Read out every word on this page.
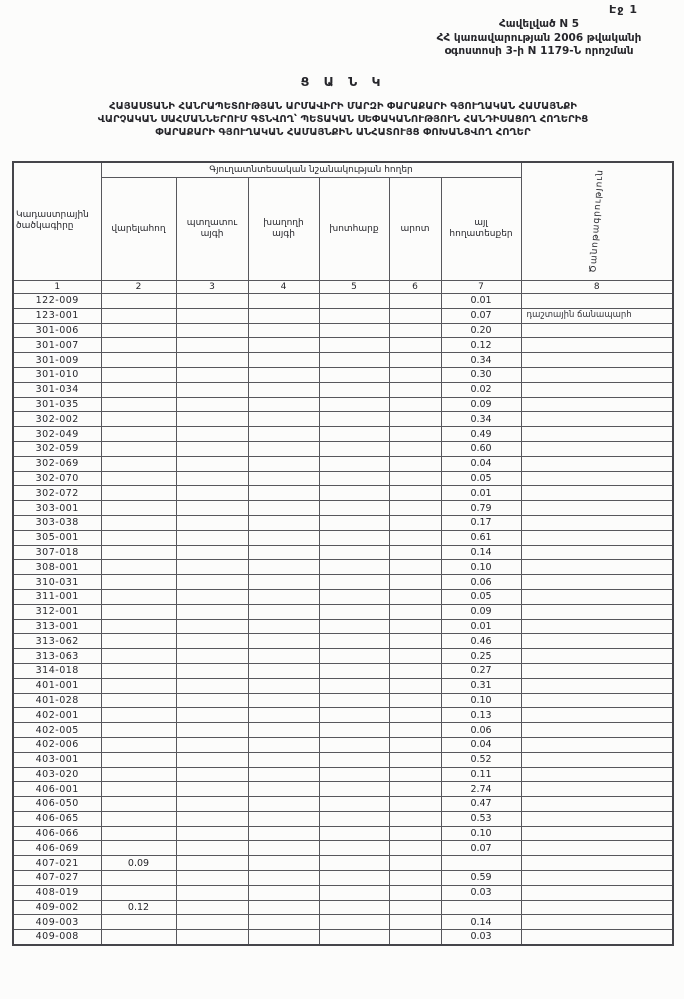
Էջ 1
Հավելված N 5
ՀՀ կառավարության 2006 թվականի
օգոստոսի 3-ի N 1179-Ն որոշման
Ց Ա Ն Կ
ՀԱՅԱՍՏԱՆԻ ՀԱՆՐԱՊԵՏՈՒԹՅԱՆ ԱՐՄԱՎԻՐԻ ՄԱՐԶԻ ՓԱՐԱՔԱՐԻ ԳՅՈՒՂԱԿԱՆ ՀԱՄԱՅՆՔԻ
ՎԱՐՉԱԿԱՆ ՍԱՀՄԱՆՆԵՐՈՒՄ ԳՏՆՎՈՂ՝ ՊԵՏԱԿԱՆ ՍԵՓԱԿԱՆՈՒԹՅՈՒՆ ՀԱՆԴԻՍԱՑՈՂ ՀՈՂԵՐԻՑ
ՓԱՐԱՔԱՐԻ ԳՅՈՒՂԱԿԱՆ ՀԱՄԱՅՆՔԻՆ ԱՆՀԱՏՈՒՅՑ ՓՈԽԱՆՑՎՈՂ ՀՈՂԵՐ
Կադաստրային ծածկագիրը	Գյուղատնտեսական նշանակության հողեր						Ծանոթագրություն

	վարելահող	պտղատու այգի	խաղողի այգի	խոտհարք	արոտ	այլ հողատեսքեր	
1	2	3	4	5	6	7	8
122-009						0.01	
123-001						0.07	դաշտային ճանապարհ
301-006						0.20	
301-007						0.12	
301-009						0.34	
301-010						0.30	
301-034						0.02	
301-035						0.09	
302-002						0.34	
302-049						0.49	
302-059						0.60	
302-069						0.04	
302-070						0.05	
302-072						0.01	
303-001						0.79	
303-038						0.17	
305-001						0.61	
307-018						0.14	
308-001						0.10	
310-031						0.06	
311-001						0.05	
312-001						0.09	
313-001						0.01	
313-062						0.46	
313-063						0.25	
314-018						0.27	
401-001						0.31	
401-028						0.10	
402-001						0.13	
402-005						0.06	
402-006						0.04	
403-001						0.52	
403-020						0.11	
406-001						2.74	
406-050						0.47	
406-065						0.53	
406-066						0.10	
406-069						0.07	
407-021	0.09						
407-027						0.59	
408-019						0.03	
409-002	0.12						
409-003						0.14	
409-008						0.03	
